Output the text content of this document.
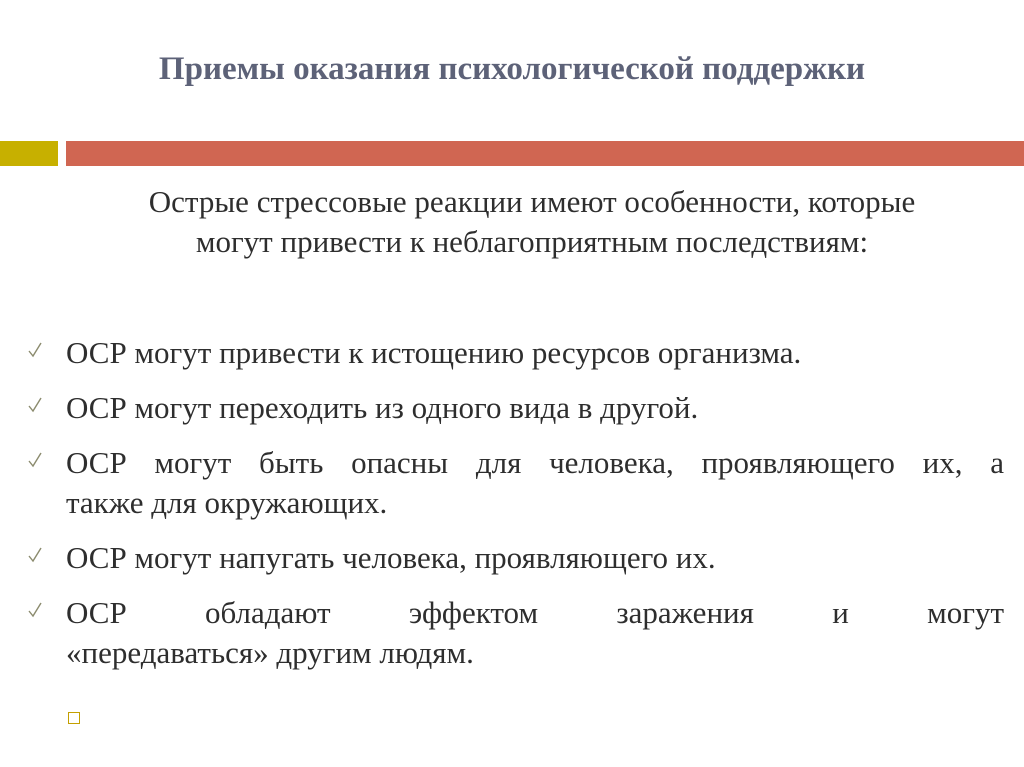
Приемы оказания психологической поддержки
Острые стрессовые реакции имеют особенности, которые
могут привести к неблагоприятным последствиям:
ОСР могут привести к истощению ресурсов организма.
ОСР могут переходить из одного вида в другой.
ОСР могут быть опасны для человека, проявляющего их, а
также для окружающих.
ОСР могут напугать человека, проявляющего их.
ОСР обладают эффектом заражения и могут
«передаваться» другим людям.
